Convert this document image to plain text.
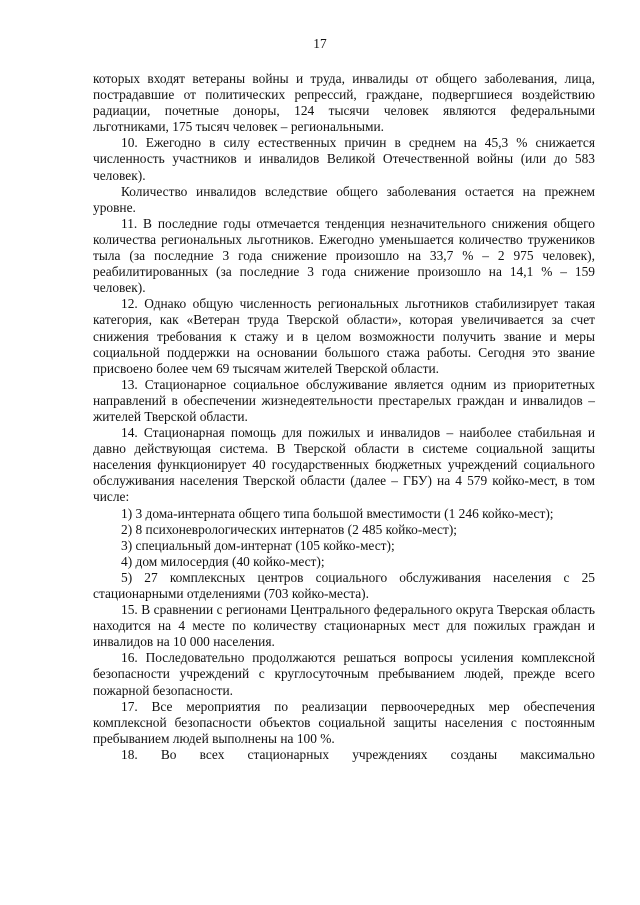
17

которых входят ветераны войны и труда, инвалиды от общего заболевания, лица, пострадавшие от политических репрессий, граждане, подвергшиеся воздействию радиации, почетные доноры, 124 тысячи человек являются федеральными льготниками, 175 тысяч человек – региональными.

10. Ежегодно в силу естественных причин в среднем на 45,3 % снижается численность участников и инвалидов Великой Отечественной войны (или до 583 человек).

Количество инвалидов вследствие общего заболевания остается на прежнем уровне.

11. В последние годы отмечается тенденция незначительного снижения общего количества региональных льготников. Ежегодно уменьшается количество тружеников тыла (за последние 3 года снижение произошло на 33,7 % – 2 975 человек), реабилитированных (за последние 3 года снижение произошло на 14,1 % – 159 человек).

12. Однако общую численность региональных льготников стабилизирует такая категория, как «Ветеран труда Тверской области», которая увеличивается за счет снижения требования к стажу и в целом возможности получить звание и меры социальной поддержки на основании большого стажа работы. Сегодня это звание присвоено более чем 69 тысячам жителей Тверской области.

13. Стационарное социальное обслуживание является одним из приоритетных направлений в обеспечении жизнедеятельности престарелых граждан и инвалидов – жителей Тверской области.

14. Стационарная помощь для пожилых и инвалидов – наиболее стабильная и давно действующая система. В Тверской области в системе социальной защиты населения функционирует 40 государственных бюджетных учреждений социального обслуживания населения Тверской области (далее – ГБУ) на 4 579 койко-мест, в том числе:

1) 3 дома-интерната общего типа большой вместимости (1 246 койко-мест);

2) 8 психоневрологических интернатов (2 485 койко-мест);

3) специальный дом-интернат (105 койко-мест);

4) дом милосердия (40 койко-мест);

5) 27 комплексных центров социального обслуживания населения с 25 стационарными отделениями (703 койко-места).

15. В сравнении с регионами Центрального федерального округа Тверская область находится на 4 месте по количеству стационарных мест для пожилых граждан и инвалидов на 10 000 населения.

16. Последовательно продолжаются решаться вопросы усиления комплексной безопасности учреждений с круглосуточным пребыванием людей, прежде всего пожарной безопасности.

17. Все мероприятия по реализации первоочередных мер обеспечения комплексной безопасности объектов социальной защиты населения с постоянным пребыванием людей выполнены на 100 %.

18. Во всех стационарных учреждениях созданы максимально
